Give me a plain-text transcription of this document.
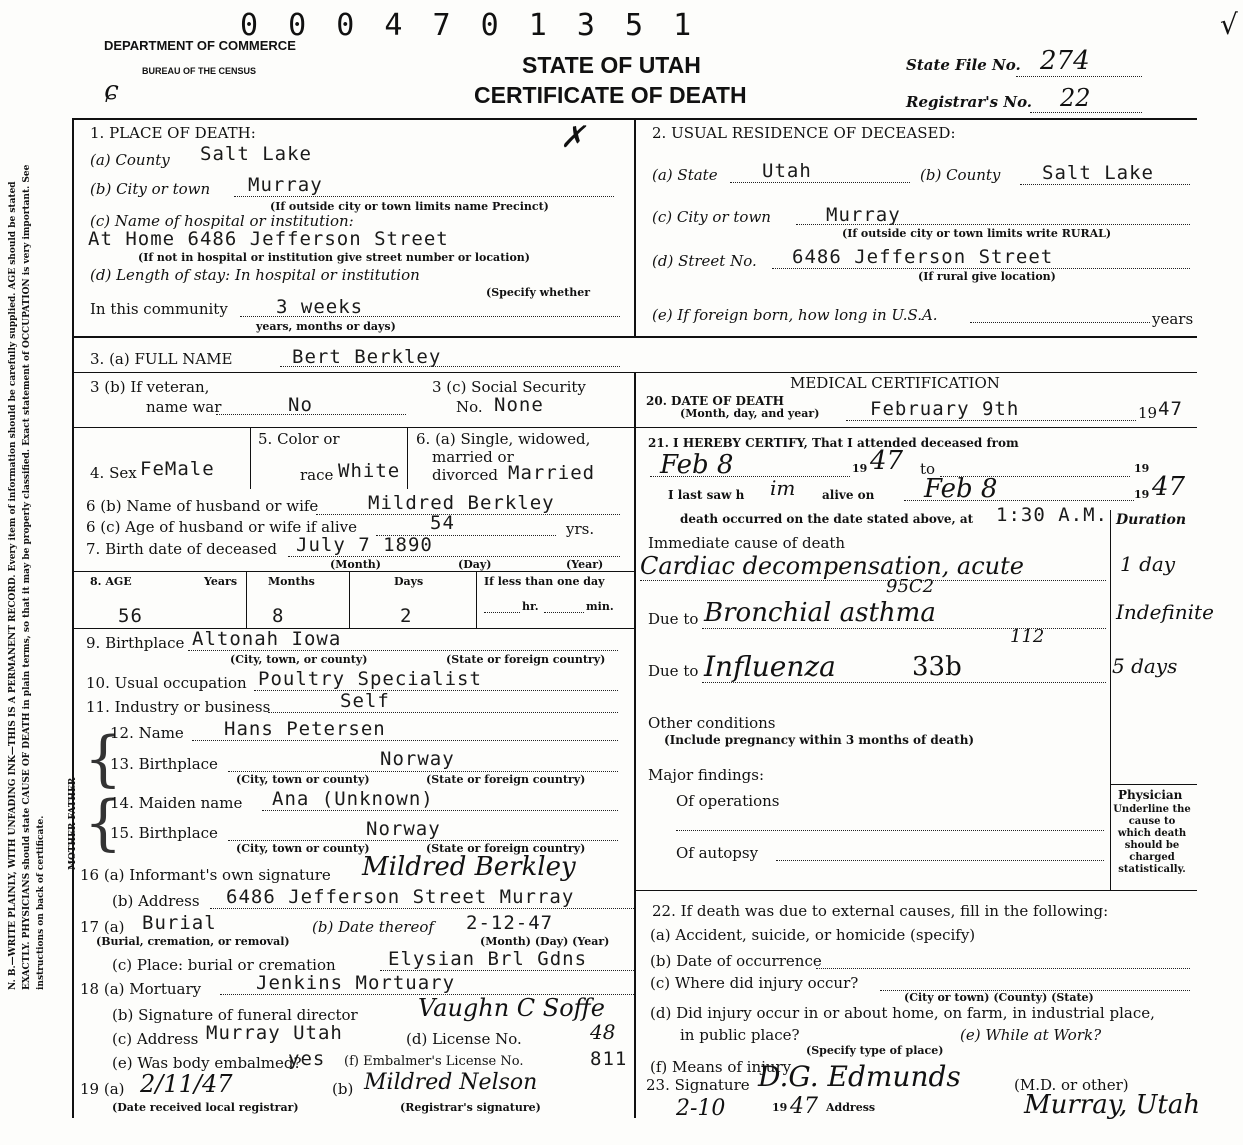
N. B.—WRITE PLAINLY, WITH UNFADING INK—THIS IS A PERMANENT RECORD. Every item of information should be carefully supplied. AGE should be stated EXACTLY. PHYSICIANS should state CAUSE OF DEATH in plain terms, so that it may be properly classified. Exact statement of OCCUPATION is very important. See instructions on back of certificate.
0 0 0 4 7 0 1 3 5 1	√
DEPARTMENT OF COMMERCE
BUREAU OF THE CENSUS
ɕ
STATE OF UTAH
CERTIFICATE OF DEATH
State File No. 274
Registrar's No. 22
1. PLACE OF DEATH:	✗
(a) County Salt Lake
(b) City or town Murray
(If outside city or town limits name Precinct)
(c) Name of hospital or institution:
At Home 6486 Jefferson Street
(If not in hospital or institution give street number or location)
(d) Length of stay: In hospital or institution
(Specify whether
In this community	3 weeks
years, months or days)
2. USUAL RESIDENCE OF DECEASED:
(a) State Utah	(b) County Salt Lake
(c) City or town	Murray
(If outside city or town limits write RURAL)
(d) Street No. 6486 Jefferson Street
(If rural give location)
(e) If foreign born, how long in U.S.A.	years
3. (a) FULL NAME	Bert Berkley
3 (b) If veteran,
name war	No
3 (c) Social Security
No. None
4. Sex FeMale
5. Color or
race White
6. (a) Single, widowed,
married or
divorced Married
6 (b) Name of husband or wife	Mildred Berkley
6 (c) Age of husband or wife if alive	54	yrs.
7. Birth date of deceased July 7 1890
(Month)	(Day)	(Year)
8. AGE	Years	Months	Days	If less than one day
56	8	2	hr.	min.
9. Birthplace Altonah Iowa
(City, town, or county)	(State or foreign country)
10. Usual occupation Poultry Specialist
11. Industry or business	Self
{
12. Name Hans Petersen
13. Birthplace	Norway
(City, town or county)	(State or foreign country)
{
14. Maiden name Ana (Unknown)
15. Birthplace	Norway
(City, town or county)	(State or foreign country)
16 (a) Informant's own signature Mildred Berkley
(b) Address 6486 Jefferson Street Murray
17 (a) Burial
(Burial, cremation, or removal)
(b) Date thereof 2-12-47
(Month) (Day) (Year)
(c) Place: burial or cremation	Elysian Brl Gdns
18 (a) Mortuary	Jenkins Mortuary
(b) Signature of funeral director	Vaughn C Soffe
(c) Address Murray Utah	(d) License No.	48
(e) Was body embalmed?
yes (f) Embalmer's License No.	811
19 (a) 2/11/47
(Date received local registrar)
(b) Mildred Nelson
(Registrar's signature)
MEDICAL CERTIFICATION
20. DATE OF DEATH
(Month, day, and year)	February 9th	19 47
21. I HEREBY CERTIFY, That I attended deceased from
Feb 8	19 47 to	19
I last saw h im alive on Feb 8	19 47
death occurred on the date stated above, at 1:30 A.M. Duration
Immediate cause of death
Cardiac decompensation, acute	1 day
95C2
Due to Bronchial asthma	Indefinite
112
Due to Influenza	33b	5 days
Other conditions
(Include pregnancy within 3 months of death)
Major findings:
Of operations
Of autopsy
Physician
Underline the cause to which death should be charged statistically.
22. If death was due to external causes, fill in the following:
(a) Accident, suicide, or homicide (specify)
(b) Date of occurrence
(c) Where did injury occur?
(City or town) (County) (State)
(d) Did injury occur in or about home, on farm, in industrial place,
in public place?	(e) While at Work?
(Specify type of place)
(f) Means of injury
23. Signature D.G. Edmunds	(M.D. or other)
2-10	19 47 Address	Murray, Utah
